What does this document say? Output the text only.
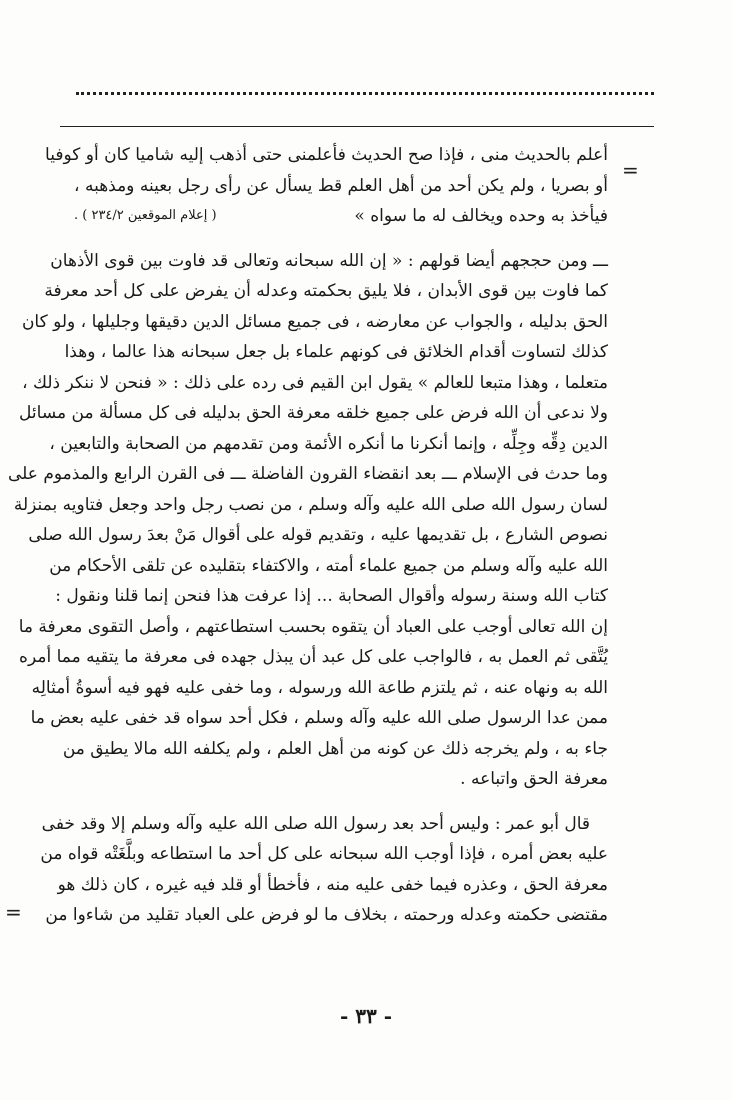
=
=
أعلم بالحديث منى ، فإذا صح الحديث فأعلمنى حتى أذهب إليه شاميا كان أو كوفيا
أو بصريا ، ولم يكن أحد من أهل العلم قط يسأل عن رأى رجل بعينه ومذهبه ،
فيأخذ به وحده ويخالف له ما سواه »
( إعلام الموقعين ٢٣٤/٢ ) .
ـــ ومن حججهم أيضا قولهم : « إن الله سبحانه وتعالى قد فاوت بين قوى الأذهان
كما فاوت بين قوى الأبدان ، فلا يليق بحكمته وعدله أن يفرض على كل أحد معرفة
الحق بدليله ، والجواب عن معارضه ، فى جميع مسائل الدين دقيقها وجليلها ، ولو كان
كذلك لتساوت أقدام الخلائق فى كونهم علماء بل جعل سبحانه هذا عالما ، وهذا
متعلما ، وهذا متبعا للعالم » يقول ابن القيم فى رده على ذلك : « فنحن لا ننكر ذلك ،
ولا ندعى أن الله فرض على جميع خلقه معرفة الحق بدليله فى كل مسألة من مسائل
الدين دِقِّه وجِلِّه ، وإنما أنكرنا ما أنكره الأئمة ومن تقدمهم من الصحابة والتابعين ،
وما حدث فى الإسلام ـــ بعد انقضاء القرون الفاضلة ـــ فى القرن الرابع والمذموم على
لسان رسول الله صلى الله عليه وآله وسلم ، من نصب رجل واحد وجعل فتاويه بمنزلة
نصوص الشارع ، بل تقديمها عليه ، وتقديم قوله على أقوال مَنْ بعدَ رسول الله صلى
الله عليه وآله وسلم من جميع علماء أمته ، والاكتفاء بتقليده عن تلقى الأحكام من
كتاب الله وسنة رسوله وأقوال الصحابة ... إذا عرفت هذا فنحن إنما قلنا ونقول :
إن الله تعالى أوجب على العباد أن يتقوه بحسب استطاعتهم ، وأصل التقوى معرفة ما
يُتَّقى ثم العمل به ، فالواجب على كل عبد أن يبذل جهده فى معرفة ما يتقيه مما أمره
الله به ونهاه عنه ، ثم يلتزم طاعة الله ورسوله ، وما خفى عليه فهو فيه أسوةُ أمثالِه
ممن عدا الرسول صلى الله عليه وآله وسلم ، فكل أحد سواه قد خفى عليه بعض ما
جاء به ، ولم يخرجه ذلك عن كونه من أهل العلم ، ولم يكلفه الله مالا يطيق من
معرفة الحق واتباعه .
قال أبو عمر : وليس أحد بعد رسول الله صلى الله عليه وآله وسلم إلا وقد خفى
عليه بعض أمره ، فإذا أوجب الله سبحانه على كل أحد ما استطاعه وبلَّغَتْه قواه من
معرفة الحق ، وعذره فيما خفى عليه منه ، فأخطأ أو قلد فيه غيره ، كان ذلك هو
مقتضى حكمته وعدله ورحمته ، بخلاف ما لو فرض على العباد تقليد من شاءوا من
- ٣٣ -
